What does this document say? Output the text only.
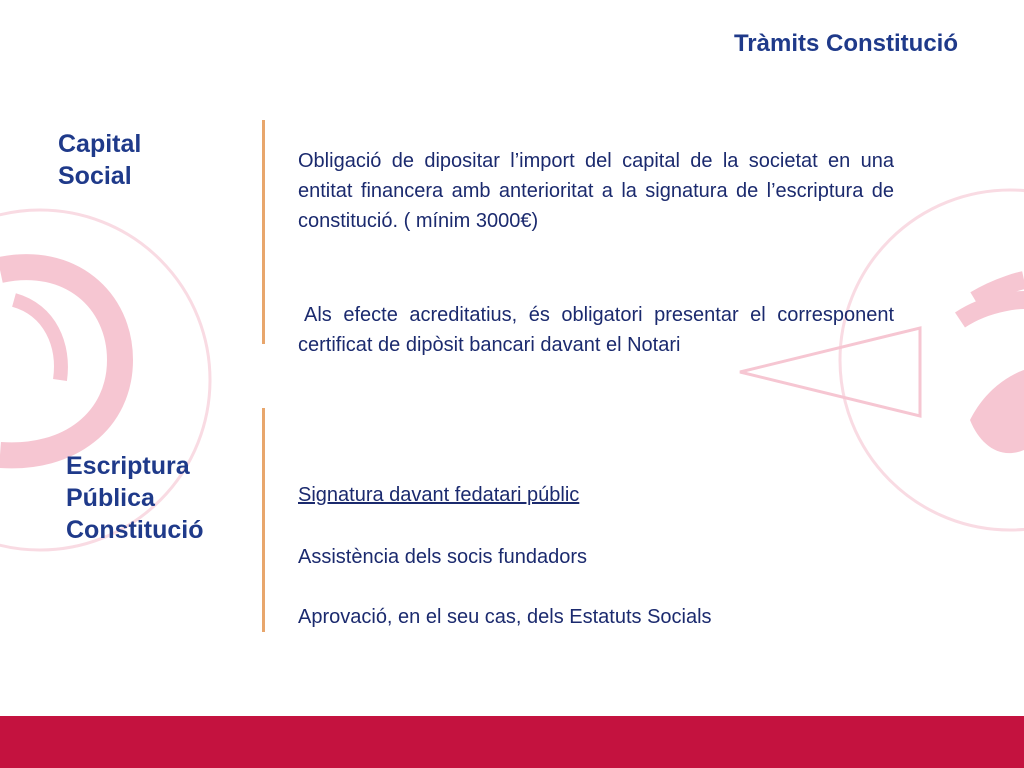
Tràmits Constitució
Capital
Social

Obligació de dipositar l’import del capital de la societat en una entitat financera amb anterioritat a la signatura de l’escriptura de constitució. ( mínim 3000€)

Als efecte acreditatius, és obligatori presentar el corresponent certificat de dipòsit bancari davant el Notari

Escriptura
Pública
Constitució

Signatura davant fedatari públic

Assistència dels socis fundadors

Aprovació, en el seu cas, dels Estatuts Socials
